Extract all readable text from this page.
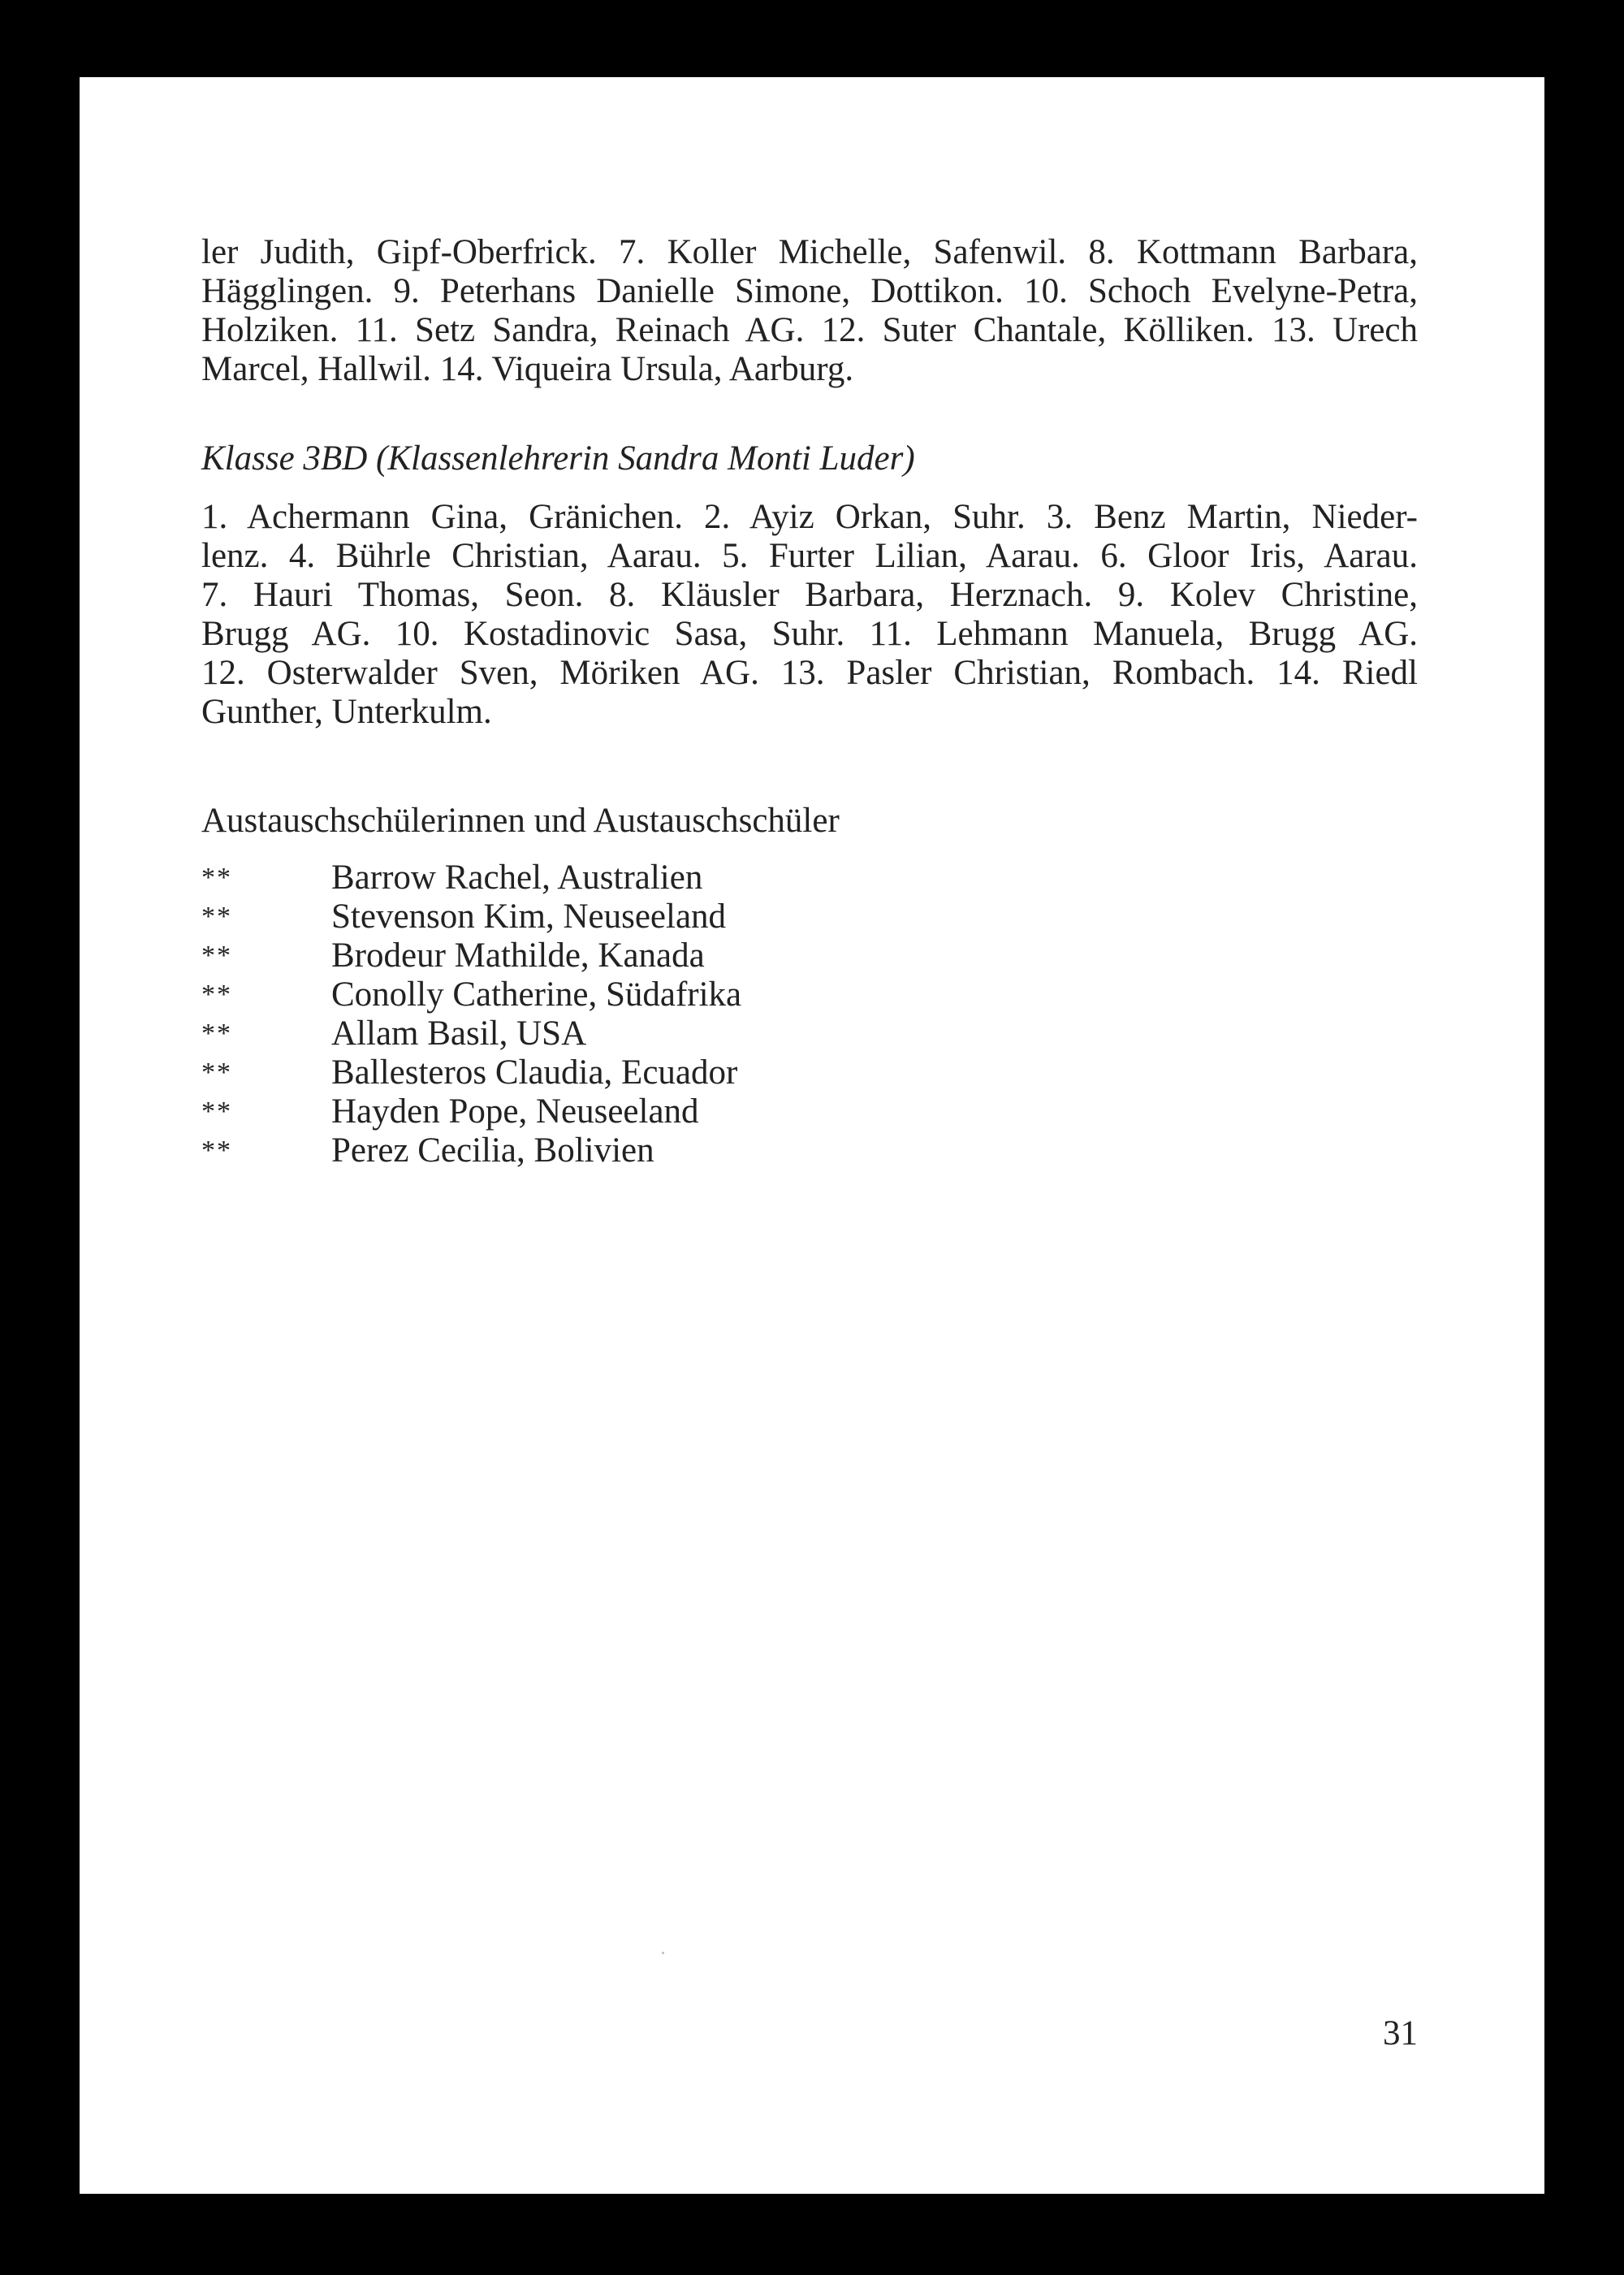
ler Judith, Gipf-Oberfrick. 7. Koller Michelle, Safenwil. 8. Kottmann Barbara,
Hägglingen. 9. Peterhans Danielle Simone, Dottikon. 10. Schoch Evelyne-Petra,
Holziken. 11. Setz Sandra, Reinach AG. 12. Suter Chantale, Kölliken. 13. Urech
Marcel, Hallwil. 14. Viqueira Ursula, Aarburg.

Klasse 3BD (Klassenlehrerin Sandra Monti Luder)

1. Achermann Gina, Gränichen. 2. Ayiz Orkan, Suhr. 3. Benz Martin, Nieder-
lenz. 4. Bührle Christian, Aarau. 5. Furter Lilian, Aarau. 6. Gloor Iris, Aarau.
7. Hauri Thomas, Seon. 8. Kläusler Barbara, Herznach. 9. Kolev Christine,
Brugg AG. 10. Kostadinovic Sasa, Suhr. 11. Lehmann Manuela, Brugg AG.
12. Osterwalder Sven, Möriken AG. 13. Pasler Christian, Rombach. 14. Riedl
Gunther, Unterkulm.

Austauschschülerinnen und Austauschschüler

**	Barrow Rachel, Australien
**	Stevenson Kim, Neuseeland
**	Brodeur Mathilde, Kanada
**	Conolly Catherine, Südafrika
**	Allam Basil, USA
**	Ballesteros Claudia, Ecuador
**	Hayden Pope, Neuseeland
**	Perez Cecilia, Bolivien
31
